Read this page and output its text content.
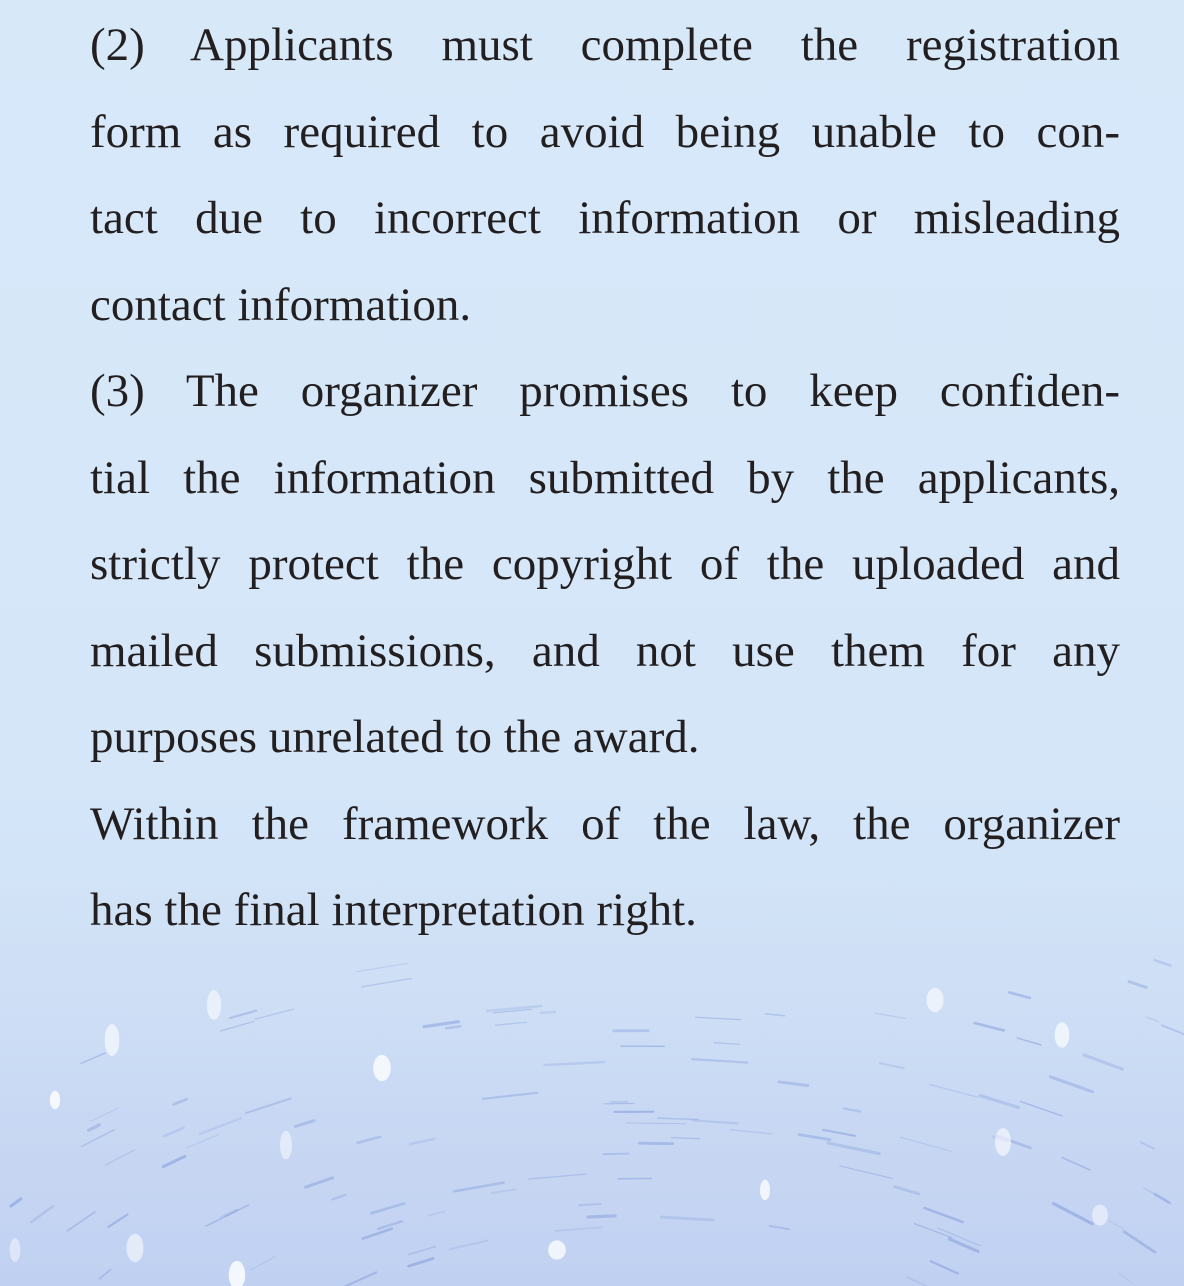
(2) Applicants must complete the registration
form as required to avoid being unable to con-
tact due to incorrect information or misleading
contact information.

(3) The organizer promises to keep confiden-
tial the information submitted by the applicants,
strictly protect the copyright of the uploaded and
mailed submissions, and not use them for any
purposes unrelated to the award.

Within the framework of the law, the organizer
has the final interpretation right.
